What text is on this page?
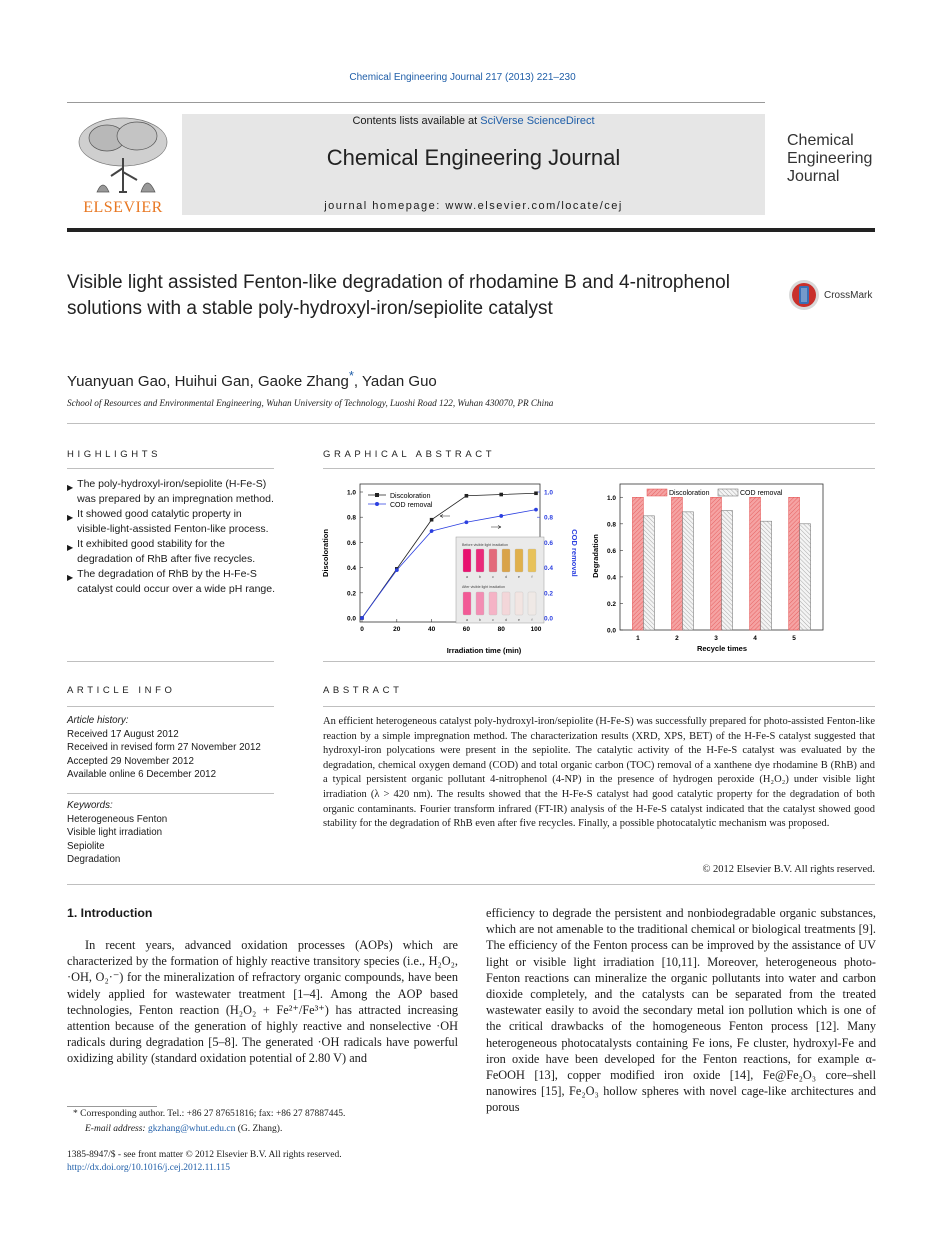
Chemical Engineering Journal 217 (2013) 221–230
ELSEVIER
Contents lists available at SciVerse ScienceDirect
Chemical Engineering Journal
journal homepage: www.elsevier.com/locate/cej
Chemical
Engineering
Journal
Visible light assisted Fenton-like degradation of rhodamine B and 4-nitrophenol solutions with a stable poly-hydroxyl-iron/sepiolite catalyst
CrossMark
Yuanyuan Gao, Huihui Gan, Gaoke Zhang*, Yadan Guo
School of Resources and Environmental Engineering, Wuhan University of Technology, Luoshi Road 122, Wuhan 430070, PR China
HIGHLIGHTS
▶ The poly-hydroxyl-iron/sepiolite (H-Fe-S) was prepared by an impregnation method.
▶ It showed good catalytic property in visible-light-assisted Fenton-like process.
▶ It exhibited good stability for the degradation of RhB after five recycles.
▶ The degradation of RhB by the H-Fe-S catalyst could occur over a wide pH range.
GRAPHICAL ABSTRACT
0.0	0.0
0.2	0.2
0.4	0.4
0.6	0.6
0.8	0.8
1.0	1.0
0	20	40	60	80	100
Irradiation time (min)
Discoloration	COD removal
Discoloration
COD removal
Before visible light irradiation
After visible light irradiation
a	b	c	d	e	f
a	b	c	d	e	f
0.0
0.2
0.4
0.6
0.8
1.0
1	2	3	4	5
Recycle times
Degradation
Discoloration	COD removal
ARTICLE INFO
Article history:
Received 17 August 2012
Received in revised form 27 November 2012
Accepted 29 November 2012
Available online 6 December 2012
Keywords:
Heterogeneous Fenton
Visible light irradiation
Sepiolite
Degradation
ABSTRACT

An efficient heterogeneous catalyst poly-hydroxyl-iron/sepiolite (H-Fe-S) was successfully prepared for photo-assisted Fenton-like reaction by a simple impregnation method. The characterization results (XRD, XPS, BET) of the H-Fe-S catalyst suggested that hydroxyl-iron polycations were present in the sepiolite. The catalytic activity of the H-Fe-S catalyst was evaluated by the degradation, chemical oxygen demand (COD) and total organic carbon (TOC) removal of a xanthene dye rhodamine B (RhB) and a typical persistent organic pollutant 4-nitrophenol (4-NP) in the presence of hydrogen peroxide (H₂O₂) under visible light irradiation (λ > 420 nm). The results showed that the H-Fe-S catalyst had good catalytic property for the degradation of both organic contaminants. Fourier transform infrared (FT-IR) analysis of the H-Fe-S catalyst indicated that the catalyst showed good stability for the degradation of RhB even after five recycles. Finally, a possible photocatalytic mechanism was proposed.

© 2012 Elsevier B.V. All rights reserved.
1. Introduction

In recent years, advanced oxidation processes (AOPs) which are characterized by the formation of highly reactive transitory species (i.e., H₂O₂, ·OH, O₂·⁻) for the mineralization of refractory organic compounds, have been widely applied for wastewater treatment [1–4]. Among the AOP based technologies, Fenton reaction (H₂O₂ + Fe²⁺/Fe³⁺) has attracted increasing attention because of the generation of highly reactive and nonselective ·OH radicals during degradation [5–8]. The generated ·OH radicals have powerful oxidizing ability (standard oxidation potential of 2.80 V) and

efficiency to degrade the persistent and nonbiodegradable organic substances, which are not amenable to the traditional chemical or biological treatments [9]. The efficiency of the Fenton process can be improved by the assistance of UV light or visible light irradiation [10,11]. Moreover, heterogeneous photo-Fenton reactions can mineralize the organic pollutants into water and carbon dioxide completely, and the catalysts can be separated from the treated wastewater easily to avoid the secondary metal ion pollution which is one of the critical drawbacks of the homogeneous Fenton process [12]. Many heterogeneous photocatalysts containing Fe ions, Fe cluster, hydroxyl-Fe and iron oxide have been developed for the Fenton reactions, for example α-FeOOH [13], copper modified iron oxide [14], Fe@Fe₂O₃ core–shell nanowires [15], Fe₂O₃ hollow spheres with novel cage-like architectures and porous

* Corresponding author. Tel.: +86 27 87651816; fax: +86 27 87887445.
E-mail address: gkzhang@whut.edu.cn (G. Zhang).
1385-8947/$ - see front matter © 2012 Elsevier B.V. All rights reserved.
http://dx.doi.org/10.1016/j.cej.2012.11.115
